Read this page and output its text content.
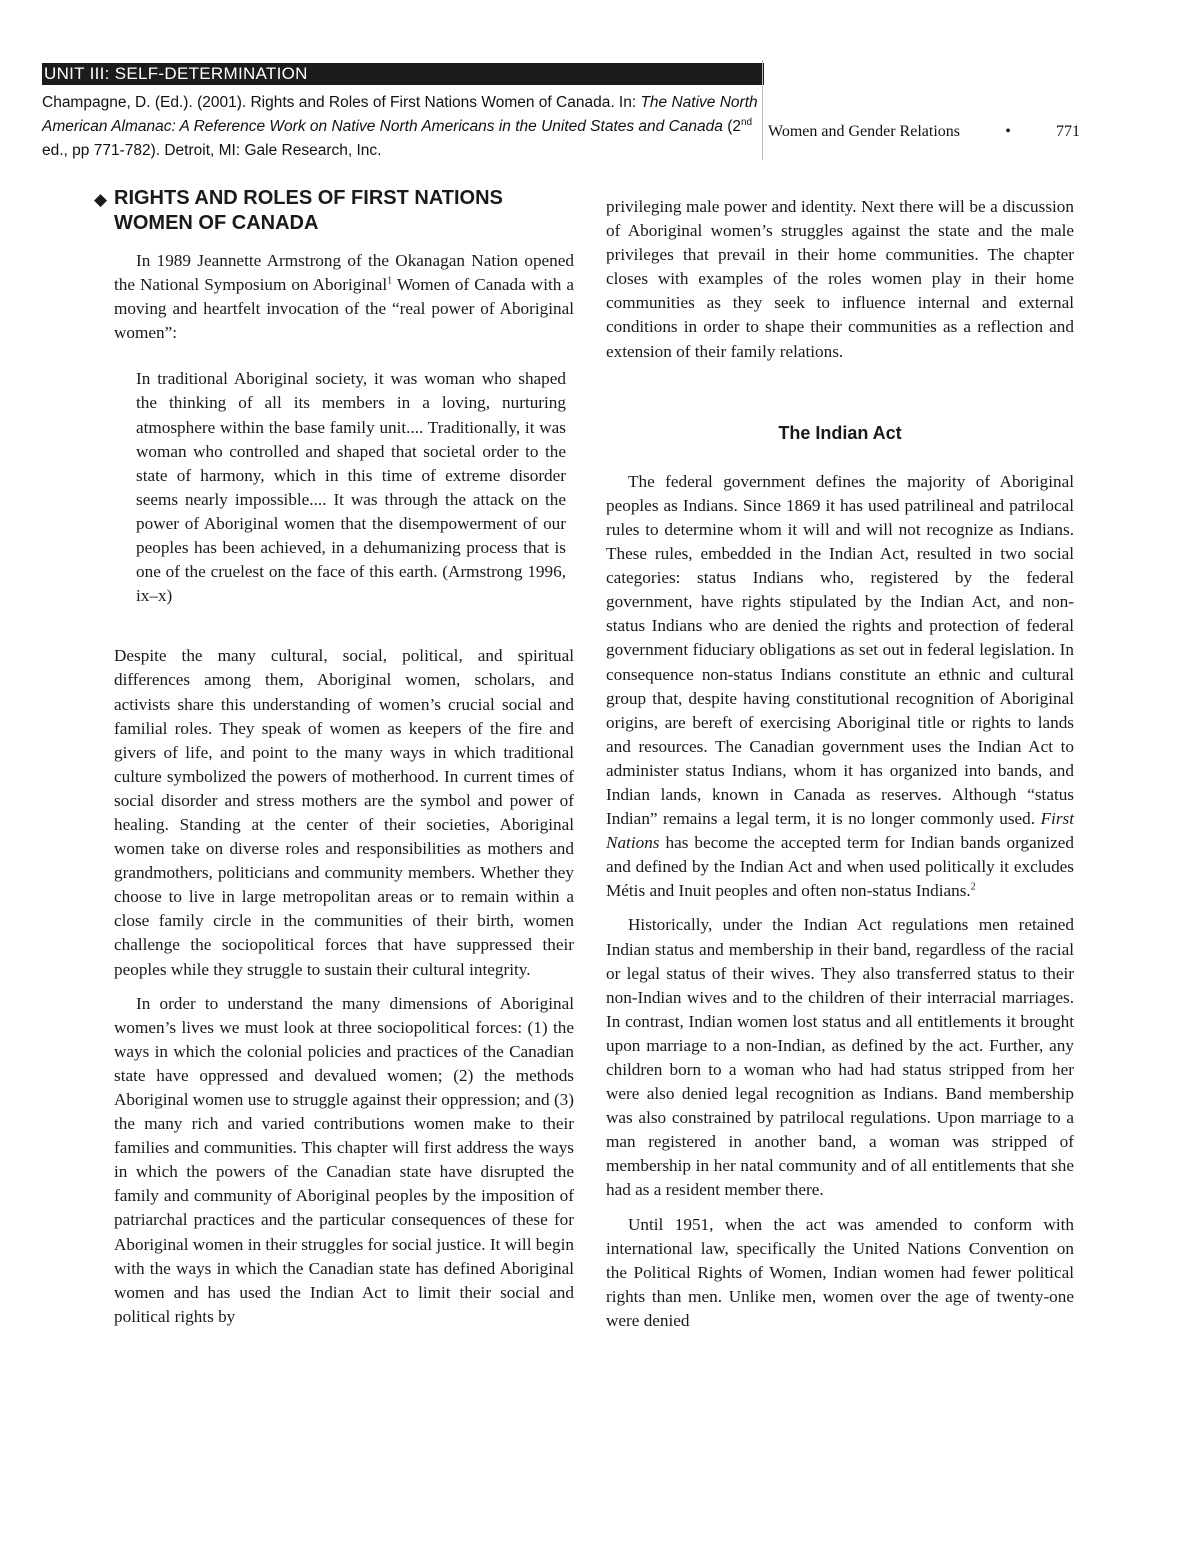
UNIT III: SELF-DETERMINATION
Champagne, D. (Ed.). (2001). Rights and Roles of First Nations Women of Canada. In: The Native North American Almanac: A Reference Work on Native North Americans in the United States and Canada (2nd ed., pp 771-782). Detroit, MI: Gale Research, Inc.
Women and Gender Relations	•	771
◆ RIGHTS AND ROLES OF FIRST NATIONS WOMEN OF CANADA

In 1989 Jeannette Armstrong of the Okanagan Nation opened the National Symposium on Aboriginal$^1$ Women of Canada with a moving and heartfelt invocation of the “real power of Aboriginal women”:

In traditional Aboriginal society, it was woman who shaped the thinking of all its members in a loving, nurturing atmosphere within the base family unit.... Traditionally, it was woman who controlled and shaped that societal order to the state of harmony, which in this time of extreme disorder seems nearly impossible.... It was through the attack on the power of Aboriginal women that the disempowerment of our peoples has been achieved, in a dehumanizing process that is one of the cruelest on the face of this earth. (Armstrong 1996, ix–x)

Despite the many cultural, social, political, and spiritual differences among them, Aboriginal women, scholars, and activists share this understanding of women’s crucial social and familial roles. They speak of women as keepers of the fire and givers of life, and point to the many ways in which traditional culture symbolized the powers of motherhood. In current times of social disorder and stress mothers are the symbol and power of healing. Standing at the center of their societies, Aboriginal women take on diverse roles and responsibilities as mothers and grandmothers, politicians and community members. Whether they choose to live in large metropolitan areas or to remain within a close family circle in the communities of their birth, women challenge the sociopolitical forces that have suppressed their peoples while they struggle to sustain their cultural integrity.

In order to understand the many dimensions of Aboriginal women’s lives we must look at three sociopolitical forces: (1) the ways in which the colonial policies and practices of the Canadian state have oppressed and devalued women; (2) the methods Aboriginal women use to struggle against their oppression; and (3) the many rich and varied contributions women make to their families and communities. This chapter will first address the ways in which the powers of the Canadian state have disrupted the family and community of Aboriginal peoples by the imposition of patriarchal practices and the particular consequences of these for Aboriginal women in their struggles for social justice. It will begin with the ways in which the Canadian state has defined Aboriginal women and has used the Indian Act to limit their social and political rights by

privileging male power and identity. Next there will be a discussion of Aboriginal women’s struggles against the state and the male privileges that prevail in their home communities. The chapter closes with examples of the roles women play in their home communities as they seek to influence internal and external conditions in order to shape their communities as a reflection and extension of their family relations.

The Indian Act

The federal government defines the majority of Aboriginal peoples as Indians. Since 1869 it has used patrilineal and patrilocal rules to determine whom it will and will not recognize as Indians. These rules, embedded in the Indian Act, resulted in two social categories: status Indians who, registered by the federal government, have rights stipulated by the Indian Act, and non-status Indians who are denied the rights and protection of federal government fiduciary obligations as set out in federal legislation. In consequence non-status Indians constitute an ethnic and cultural group that, despite having constitutional recognition of Aboriginal origins, are bereft of exercising Aboriginal title or rights to lands and resources. The Canadian government uses the Indian Act to administer status Indians, whom it has organized into bands, and Indian lands, known in Canada as reserves. Although “status Indian” remains a legal term, it is no longer commonly used. First Nations has become the accepted term for Indian bands organized and defined by the Indian Act and when used politically it excludes Métis and Inuit peoples and often non-status Indians.$^2$

Historically, under the Indian Act regulations men retained Indian status and membership in their band, regardless of the racial or legal status of their wives. They also transferred status to their non-Indian wives and to the children of their interracial marriages. In contrast, Indian women lost status and all entitlements it brought upon marriage to a non-Indian, as defined by the act. Further, any children born to a woman who had had status stripped from her were also denied legal recognition as Indians. Band membership was also constrained by patrilocal regulations. Upon marriage to a man registered in another band, a woman was stripped of membership in her natal community and of all entitlements that she had as a resident member there.

Until 1951, when the act was amended to conform with international law, specifically the United Nations Convention on the Political Rights of Women, Indian women had fewer political rights than men. Unlike men, women over the age of twenty-one were denied
